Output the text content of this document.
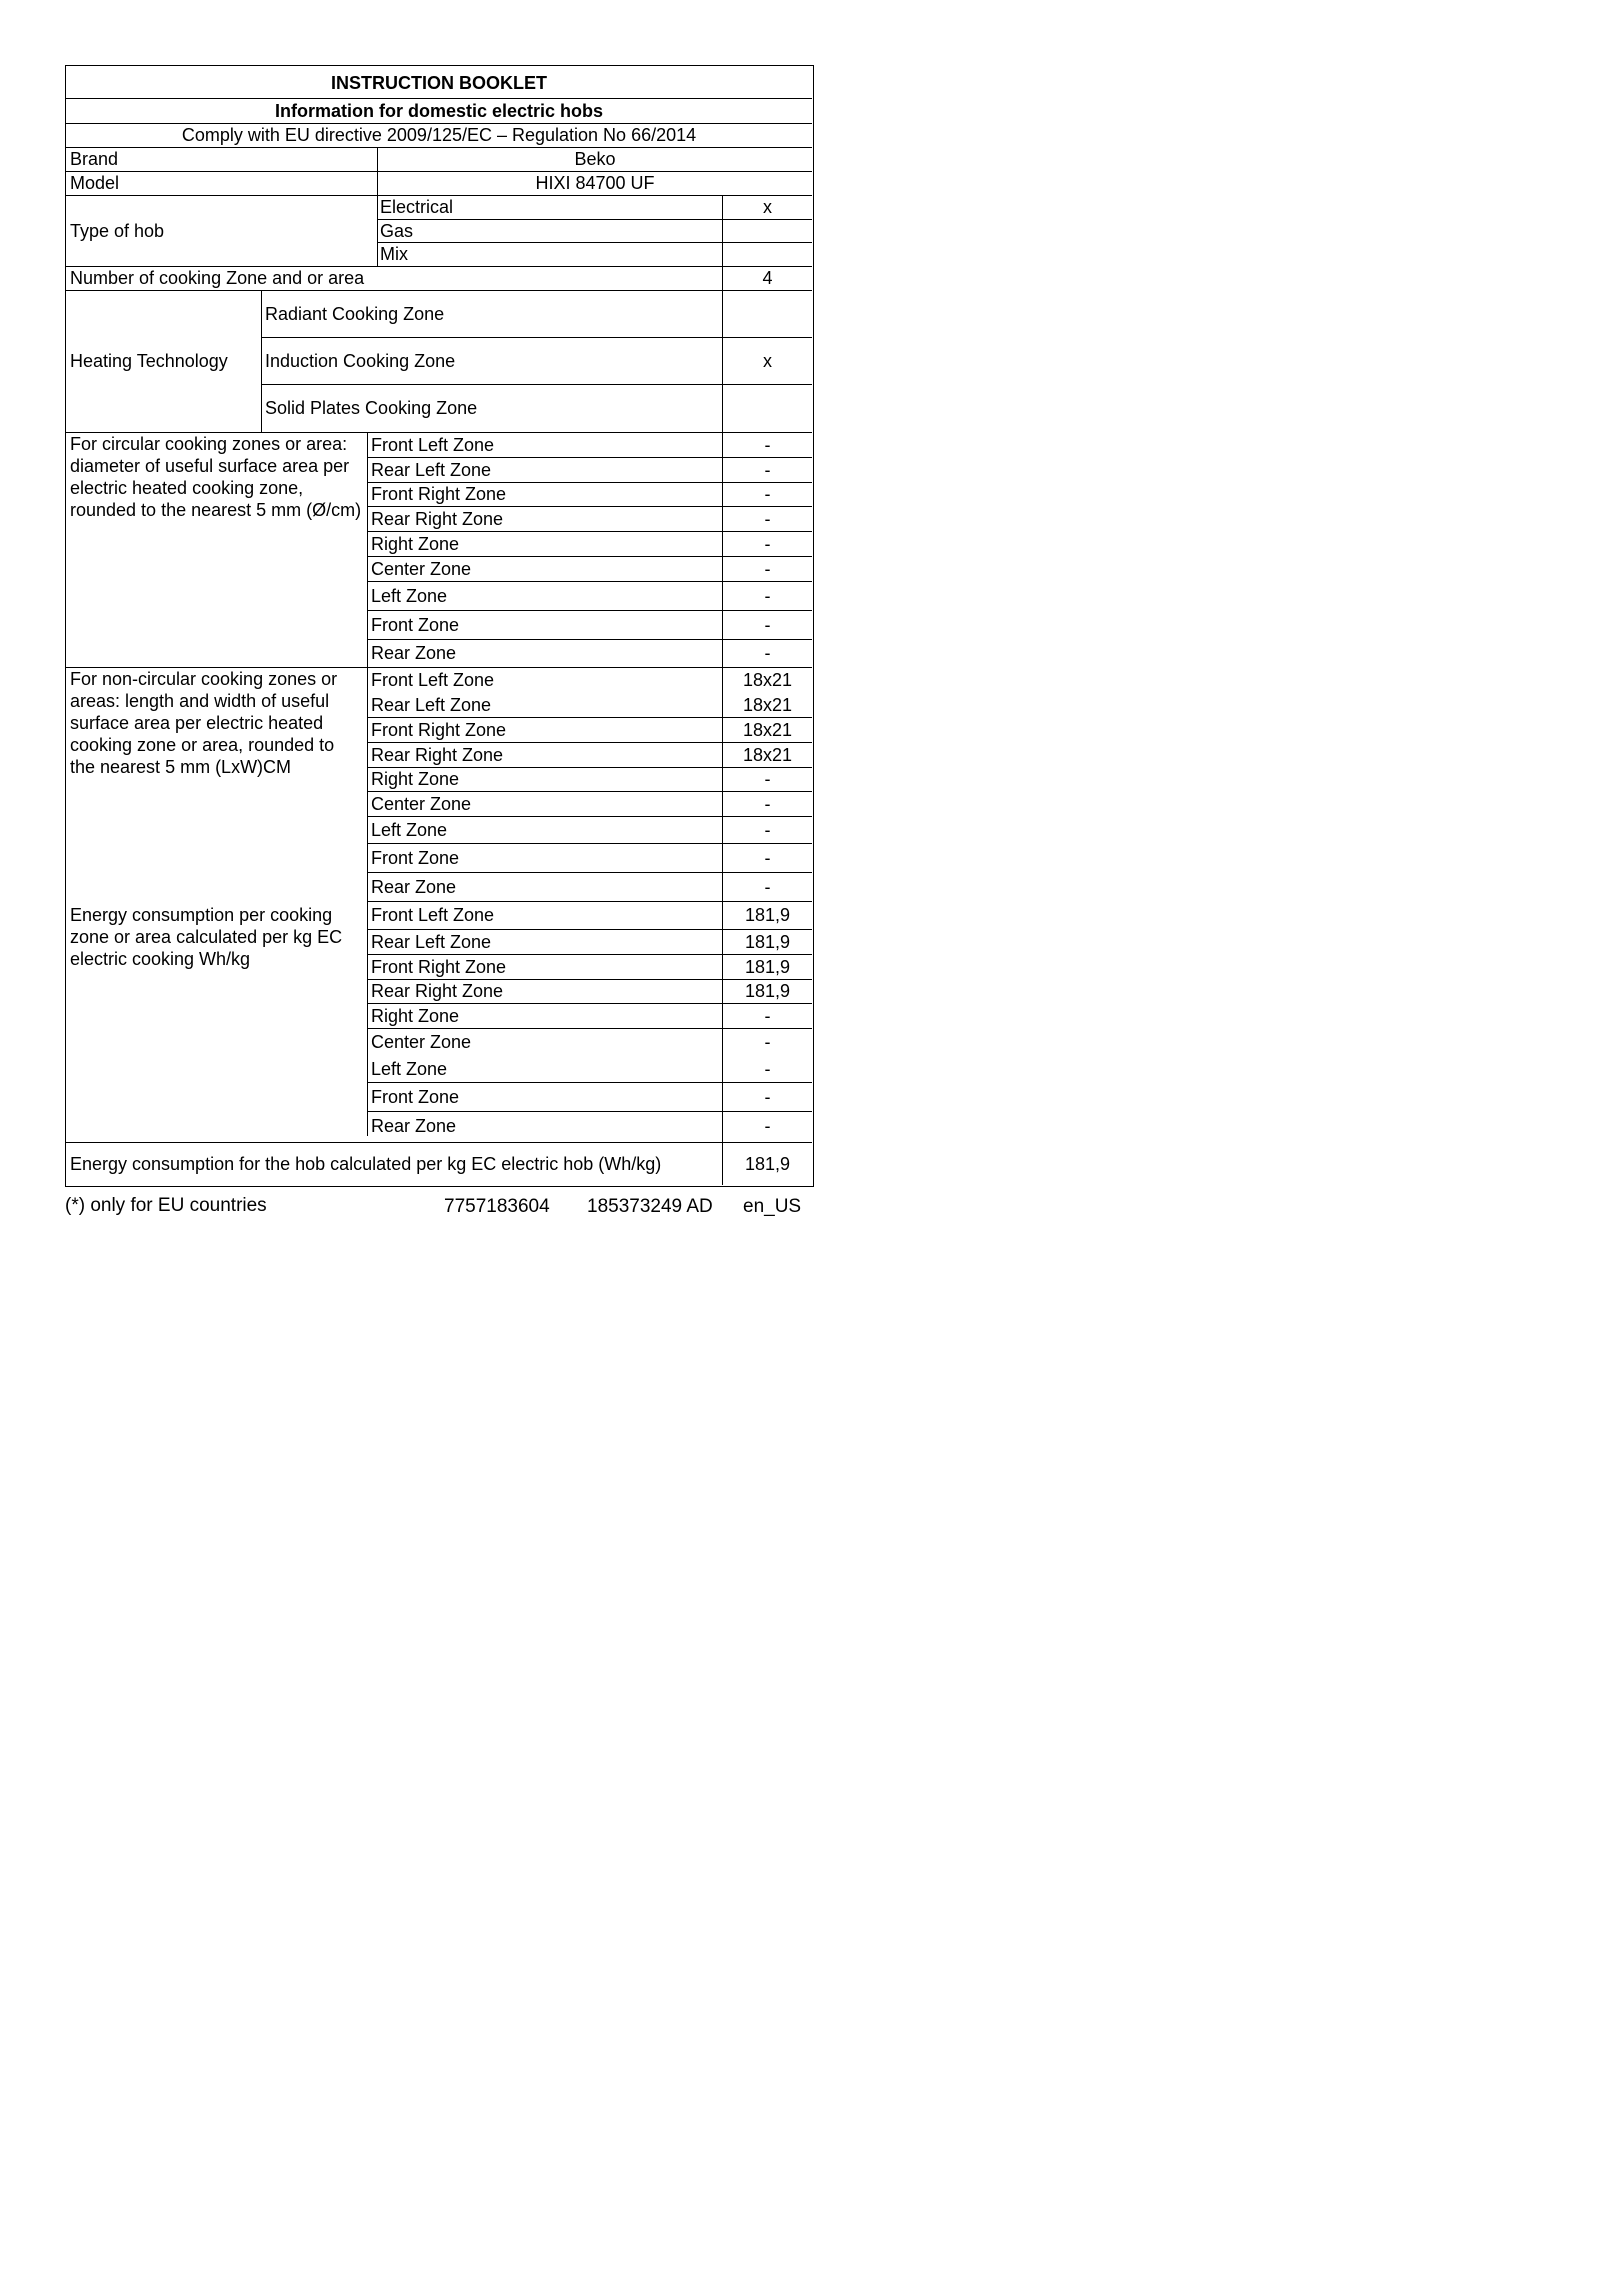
INSTRUCTION BOOKLET
Information for domestic electric hobs
Comply with EU directive 2009/125/EC – Regulation No 66/2014
Brand	Beko
Model	HIXI 84700 UF
Type of hob
Electrical	x
Gas
Mix
Number of cooking Zone and or area	4
Heating Technology
Radiant Cooking Zone
Induction Cooking Zone	x
Solid Plates Cooking Zone
For circular cooking zones or area: diameter of useful surface area per electric heated cooking zone, rounded to the nearest 5 mm (Ø/cm)
Front Left Zone	-
Rear Left Zone	-
Front Right Zone	-
Rear Right Zone	-
Right Zone	-
Center Zone	-
Left Zone	-
Front Zone	-
Rear Zone	-
For non-circular cooking zones or areas: length and width of useful surface area per electric heated cooking zone or area, rounded to the nearest 5 mm (LxW)CM
Front Left Zone	18x21
Rear Left Zone	18x21
Front Right Zone	18x21
Rear Right Zone	18x21
Right Zone	-
Center Zone	-
Left Zone	-
Front Zone	-
Rear Zone	-
Energy consumption per cooking zone or area calculated per kg EC electric cooking Wh/kg
Front Left Zone	181,9
Rear Left Zone	181,9
Front Right Zone	181,9
Rear Right Zone	181,9
Right Zone	-
Center Zone	-
Left Zone	-
Front Zone	-
Rear Zone	-
Energy consumption for the hob calculated per kg EC electric hob (Wh/kg)	181,9
(*) only for EU countries	7757183604 185373249 AD en_US
